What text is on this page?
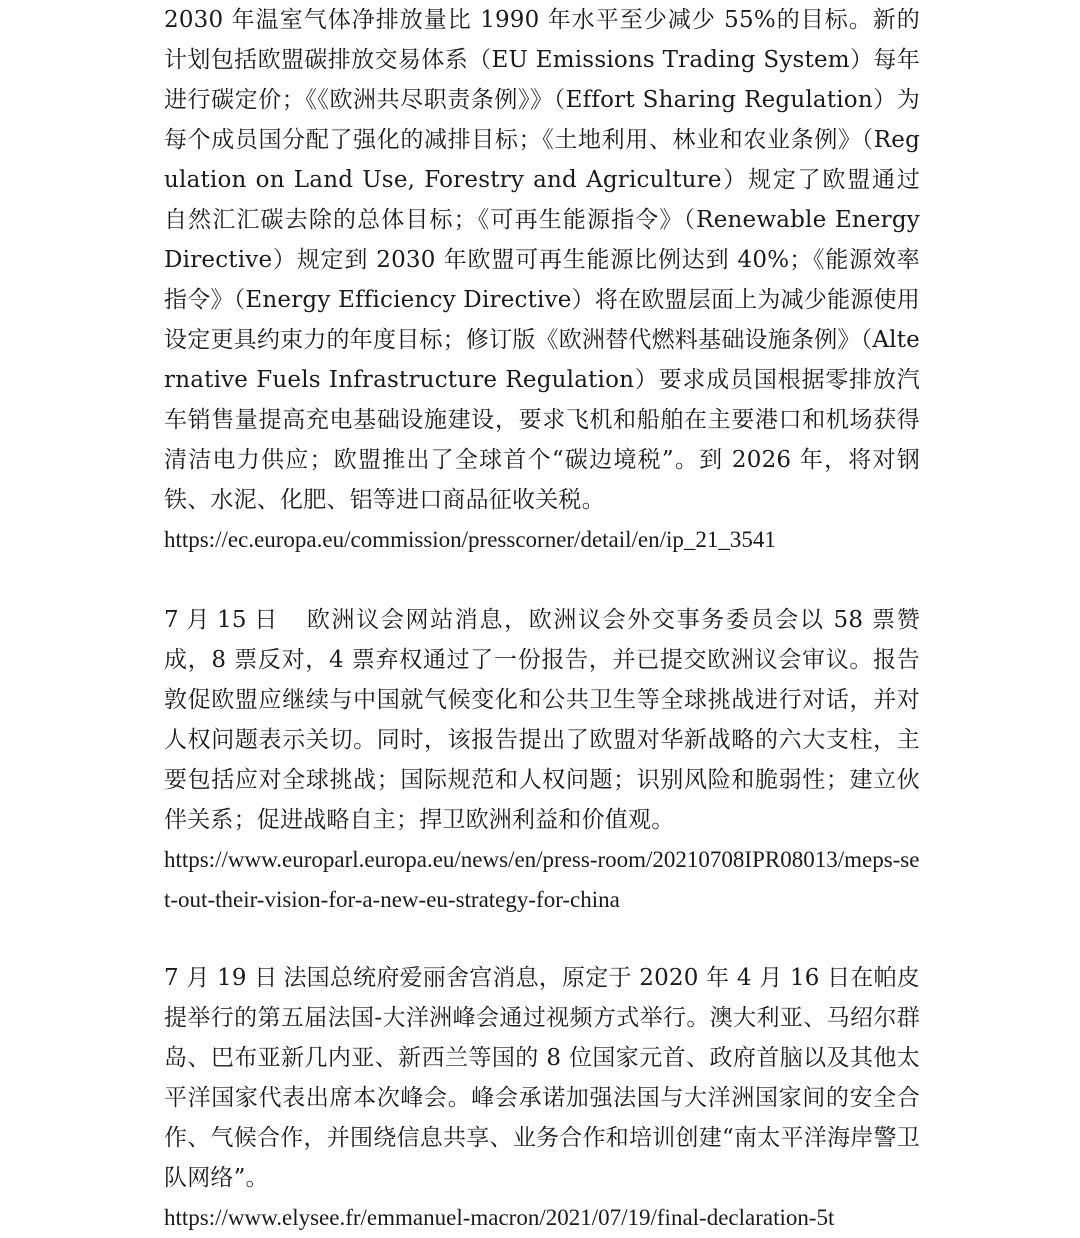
2030 年温室气体净排放量比 1990 年水平至少减少 55%的目标。新的计划包括欧盟碳排放交易体系（EU Emissions Trading System）每年进行碳定价；《《欧洲共尽职责条例》》（Effort Sharing Regulation）为每个成员国分配了强化的减排目标；《土地利用、林业和农业条例》（Regulation on Land Use, Forestry and Agriculture）规定了欧盟通过自然汇汇碳去除的总体目标；《可再生能源指令》（Renewable Energy Directive）规定到 2030 年欧盟可再生能源比例达到 40%；《能源效率指令》（Energy Efficiency Directive）将在欧盟层面上为减少能源使用设定更具约束力的年度目标；修订版《欧洲替代燃料基础设施条例》（Alternative Fuels Infrastructure Regulation）要求成员国根据零排放汽车销售量提高充电基础设施建设，要求飞机和船舶在主要港口和机场获得清洁电力供应；欧盟推出了全球首个“碳边境税”。到 2026 年，将对钢铁、水泥、化肥、铝等进口商品征收关税。

https://ec.europa.eu/commission/presscorner/detail/en/ip_21_3541

7 月 15 日 欧洲议会网站消息，欧洲议会外交事务委员会以 58 票赞成，8 票反对，4 票弃权通过了一份报告，并已提交欧洲议会审议。报告敦促欧盟应继续与中国就气候变化和公共卫生等全球挑战进行对话，并对人权问题表示关切。同时，该报告提出了欧盟对华新战略的六大支柱，主要包括应对全球挑战；国际规范和人权问题；识别风险和脆弱性；建立伙伴关系；促进战略自主；捍卫欧洲利益和价值观。

https://www.europarl.europa.eu/news/en/press-room/20210708IPR08013/meps-set-out-their-vision-for-a-new-eu-strategy-for-china

7 月 19 日 法国总统府爱丽舍宫消息，原定于 2020 年 4 月 16 日在帕皮提举行的第五届法国-大洋洲峰会通过视频方式举行。澳大利亚、马绍尔群岛、巴布亚新几内亚、新西兰等国的 8 位国家元首、政府首脑以及其他太平洋国家代表出席本次峰会。峰会承诺加强法国与大洋洲国家间的安全合作、气候合作，并围绕信息共享、业务合作和培训创建“南太平洋海岸警卫队网络”。

https://www.elysee.fr/emmanuel-macron/2021/07/19/final-declaration-5t
